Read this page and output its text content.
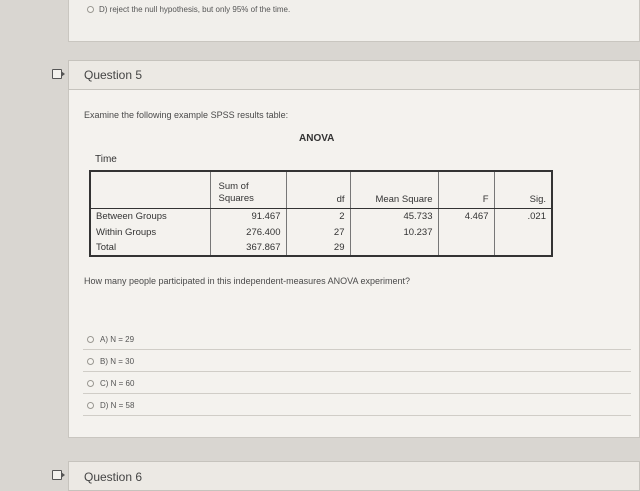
D) reject the null hypothesis, but only 95% of the time.
Question 5
Examine the following example SPSS results table:
ANOVA
Time
	Sum of Squares	df	Mean Square	F	Sig.
Between Groups	91.467	2	45.733	4.467	.021
Within Groups	276.400	27	10.237		
Total	367.867	29			
How many people participated in this independent-measures ANOVA experiment?
A) N = 29
B) N = 30
C) N = 60
D) N = 58
Question 6
